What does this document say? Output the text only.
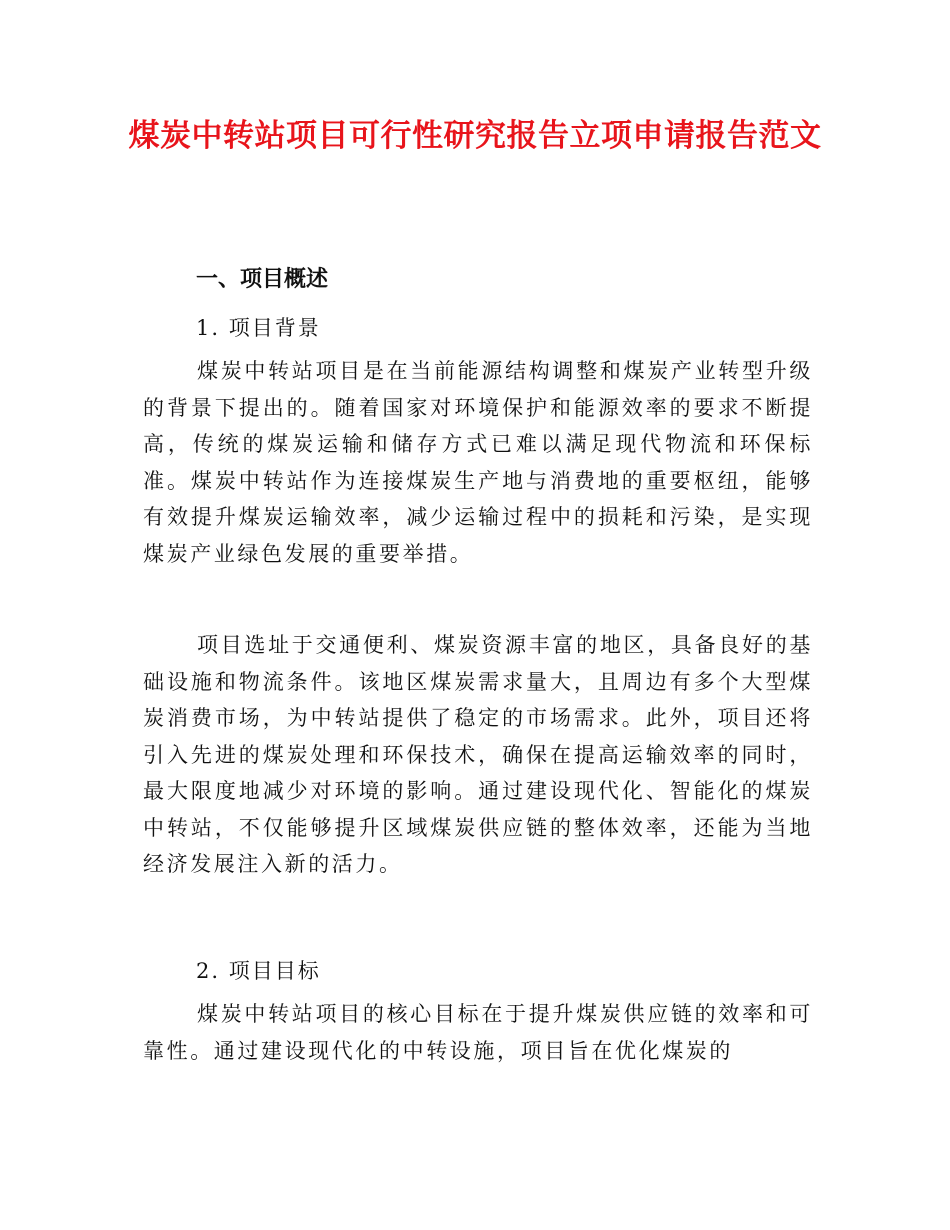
煤炭中转站项目可行性研究报告立项申请报告范文
一、项目概述
1. 项目背景

煤炭中转站项目是在当前能源结构调整和煤炭产业转型升级的背景下提出的。随着国家对环境保护和能源效率的要求不断提高，传统的煤炭运输和储存方式已难以满足现代物流和环保标准。煤炭中转站作为连接煤炭生产地与消费地的重要枢纽，能够有效提升煤炭运输效率，减少运输过程中的损耗和污染，是实现煤炭产业绿色发展的重要举措。

项目选址于交通便利、煤炭资源丰富的地区，具备良好的基础设施和物流条件。该地区煤炭需求量大，且周边有多个大型煤炭消费市场，为中转站提供了稳定的市场需求。此外，项目还将引入先进的煤炭处理和环保技术，确保在提高运输效率的同时，最大限度地减少对环境的影响。通过建设现代化、智能化的煤炭中转站，不仅能够提升区域煤炭供应链的整体效率，还能为当地经济发展注入新的活力。

2. 项目目标

煤炭中转站项目的核心目标在于提升煤炭供应链的效率和可靠性。通过建设现代化的中转设施，项目旨在优化煤炭的
